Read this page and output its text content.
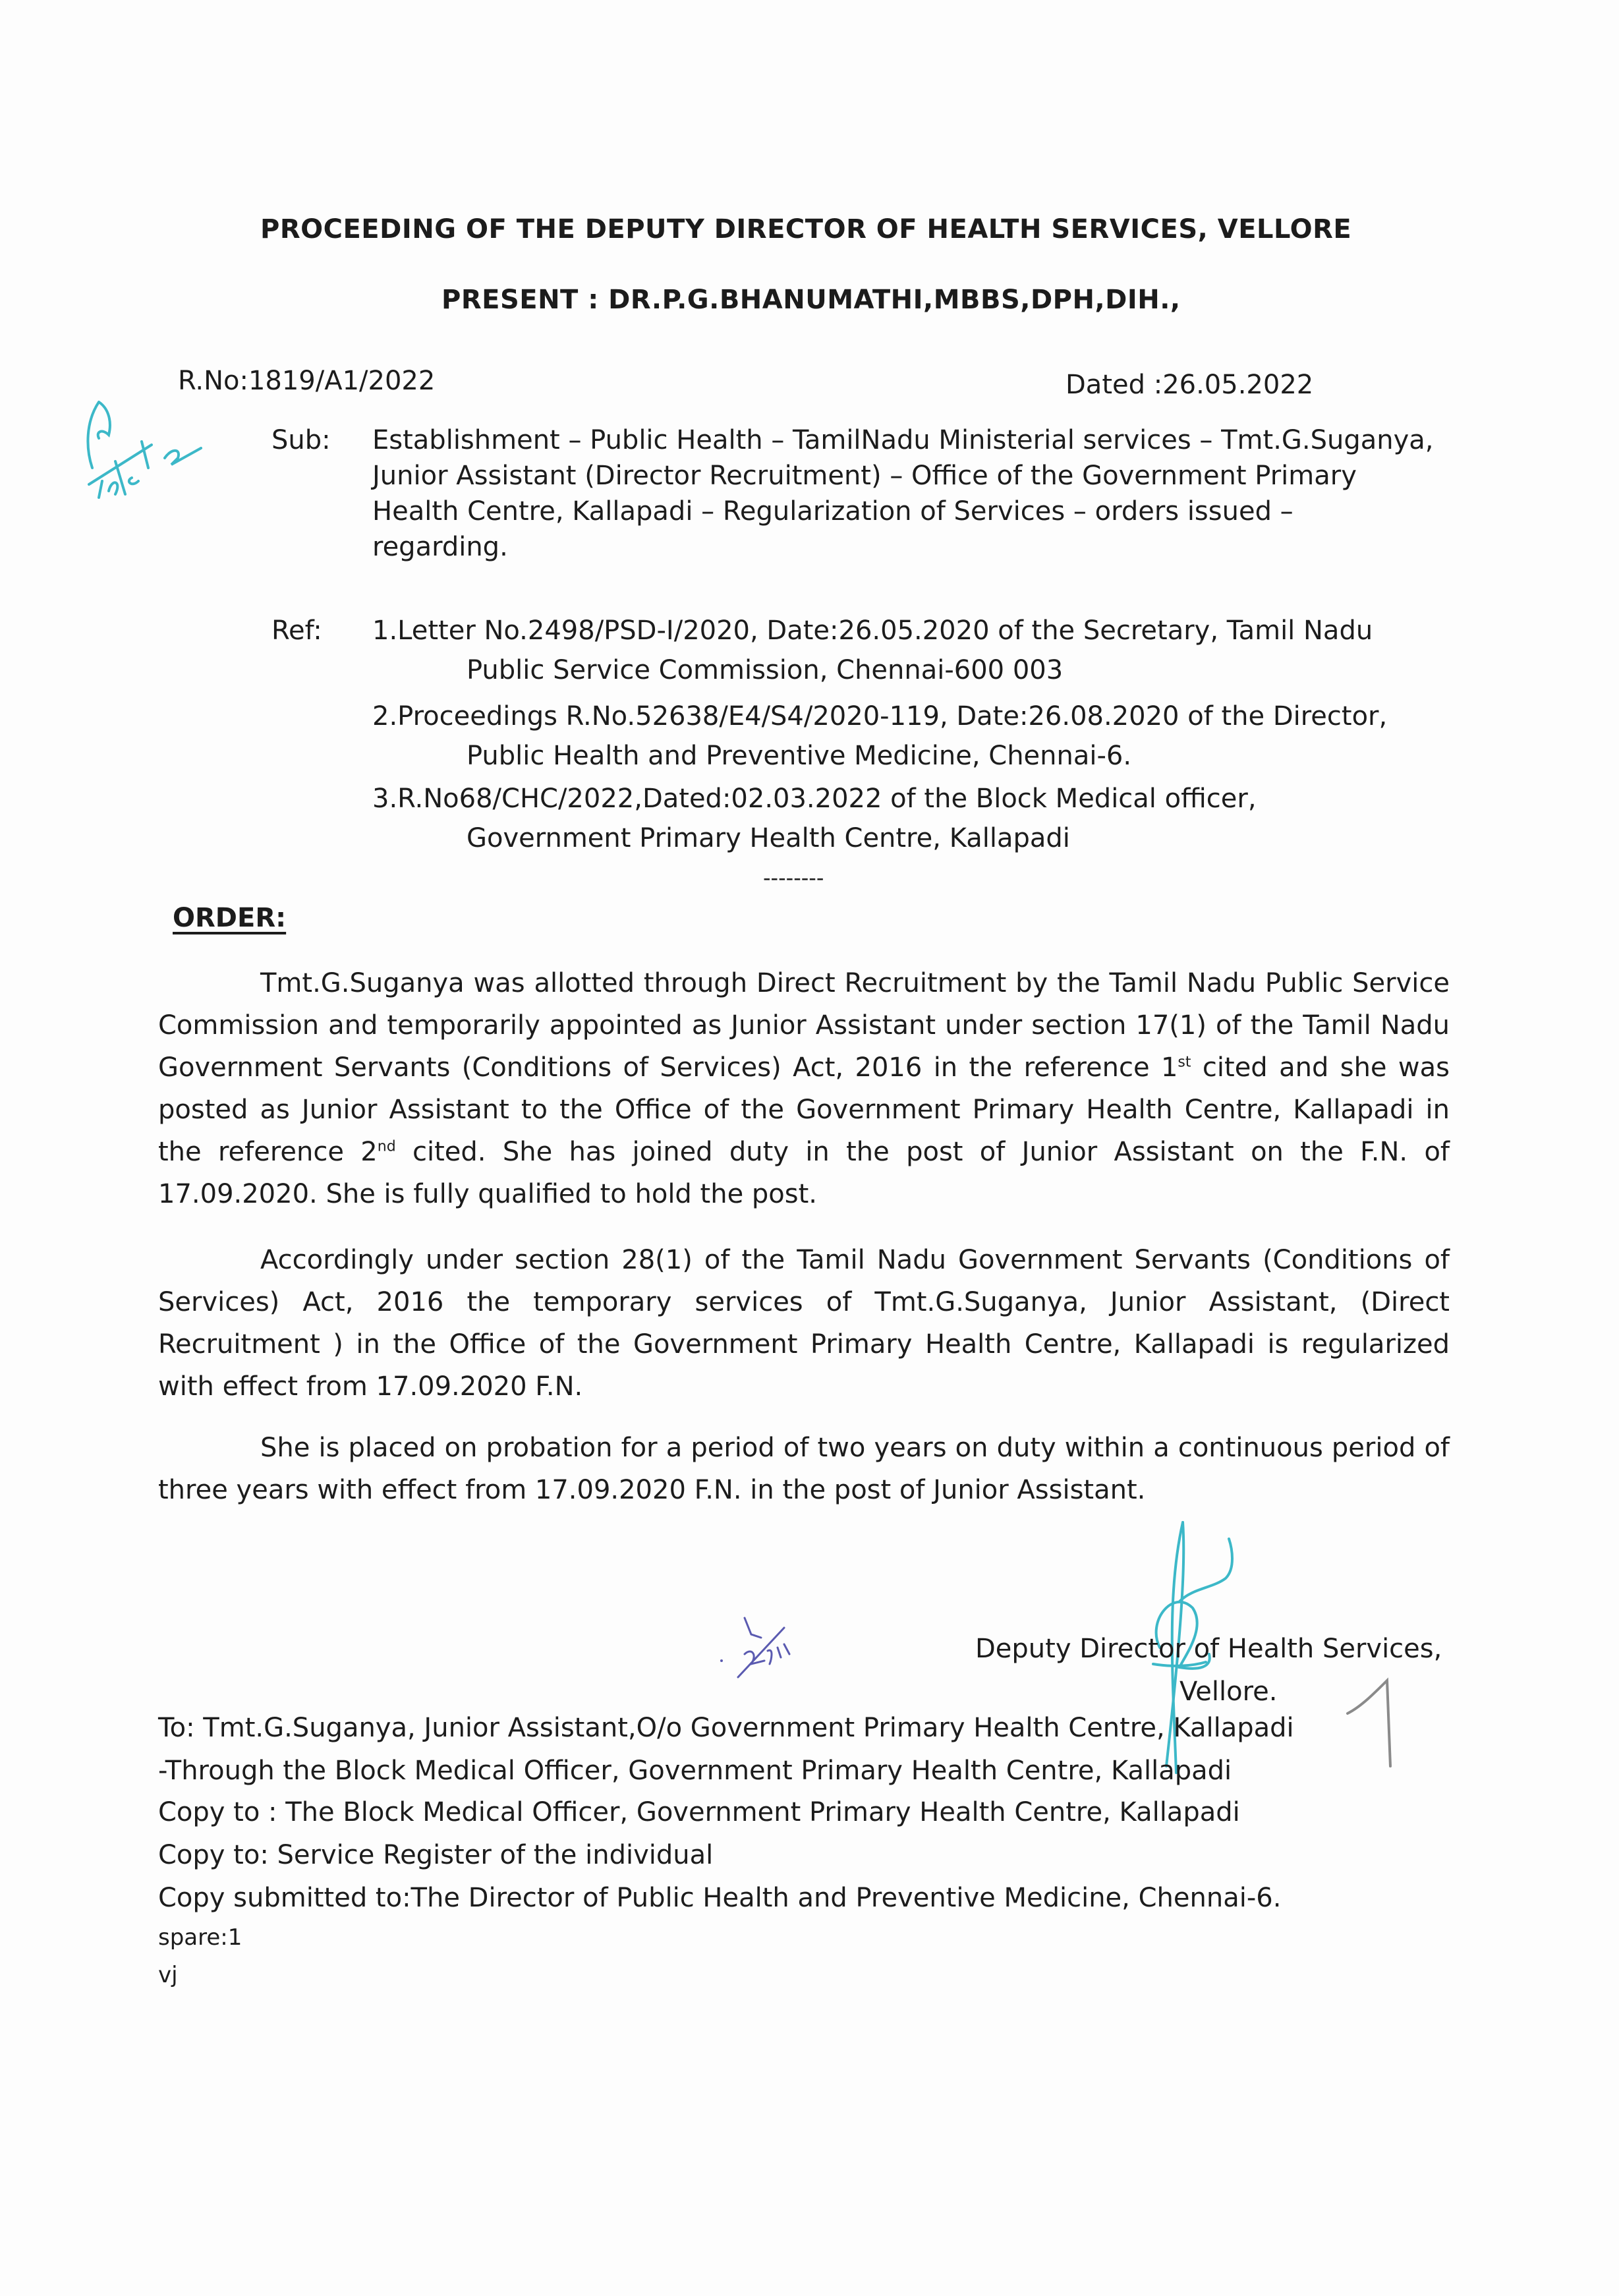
PROCEEDING OF THE DEPUTY DIRECTOR OF HEALTH SERVICES, VELLORE
PRESENT : DR.P.G.BHANUMATHI,MBBS,DPH,DIH.,
R.No:1819/A1/2022	Dated :26.05.2022
Sub: Establishment – Public Health – TamilNadu Ministerial services – Tmt.G.Suganya,
Junior Assistant (Director Recruitment) – Office of the Government Primary
Health Centre, Kallapadi – Regularization of Services – orders issued –
regarding.
Ref: 1.Letter No.2498/PSD-I/2020, Date:26.05.2020 of the Secretary, Tamil Nadu
Public Service Commission, Chennai-600 003
2.Proceedings R.No.52638/E4/S4/2020-119, Date:26.08.2020 of the Director,
Public Health and Preventive Medicine, Chennai-6.
3.R.No68/CHC/2022,Dated:02.03.2022 of the Block Medical officer,
Government Primary Health Centre, Kallapadi
--------
ORDER:
Tmt.G.Suganya was allotted through Direct Recruitment by the Tamil Nadu Public Service Commission and temporarily appointed as Junior Assistant under section 17(1) of the Tamil Nadu Government Servants (Conditions of Services) Act, 2016 in the reference 1st cited and she was posted as Junior Assistant to the Office of the Government Primary Health Centre, Kallapadi in the reference 2nd cited. She has joined duty in the post of Junior Assistant on the F.N. of 17.09.2020. She is fully qualified to hold the post.
Accordingly under section 28(1) of the Tamil Nadu Government Servants (Conditions of Services) Act, 2016 the temporary services of Tmt.G.Suganya, Junior Assistant, (Direct Recruitment ) in the Office of the Government Primary Health Centre, Kallapadi is regularized with effect from 17.09.2020 F.N.
She is placed on probation for a period of two years on duty within a continuous period of three years with effect from 17.09.2020 F.N. in the post of Junior Assistant.
Deputy Director of Health Services,
Vellore.
To: Tmt.G.Suganya, Junior Assistant,O/o Government Primary Health Centre, Kallapadi
-Through the Block Medical Officer, Government Primary Health Centre, Kallapadi
Copy to : The Block Medical Officer, Government Primary Health Centre, Kallapadi
Copy to: Service Register of the individual
Copy submitted to:The Director of Public Health and Preventive Medicine, Chennai-6.
spare:1
vj
